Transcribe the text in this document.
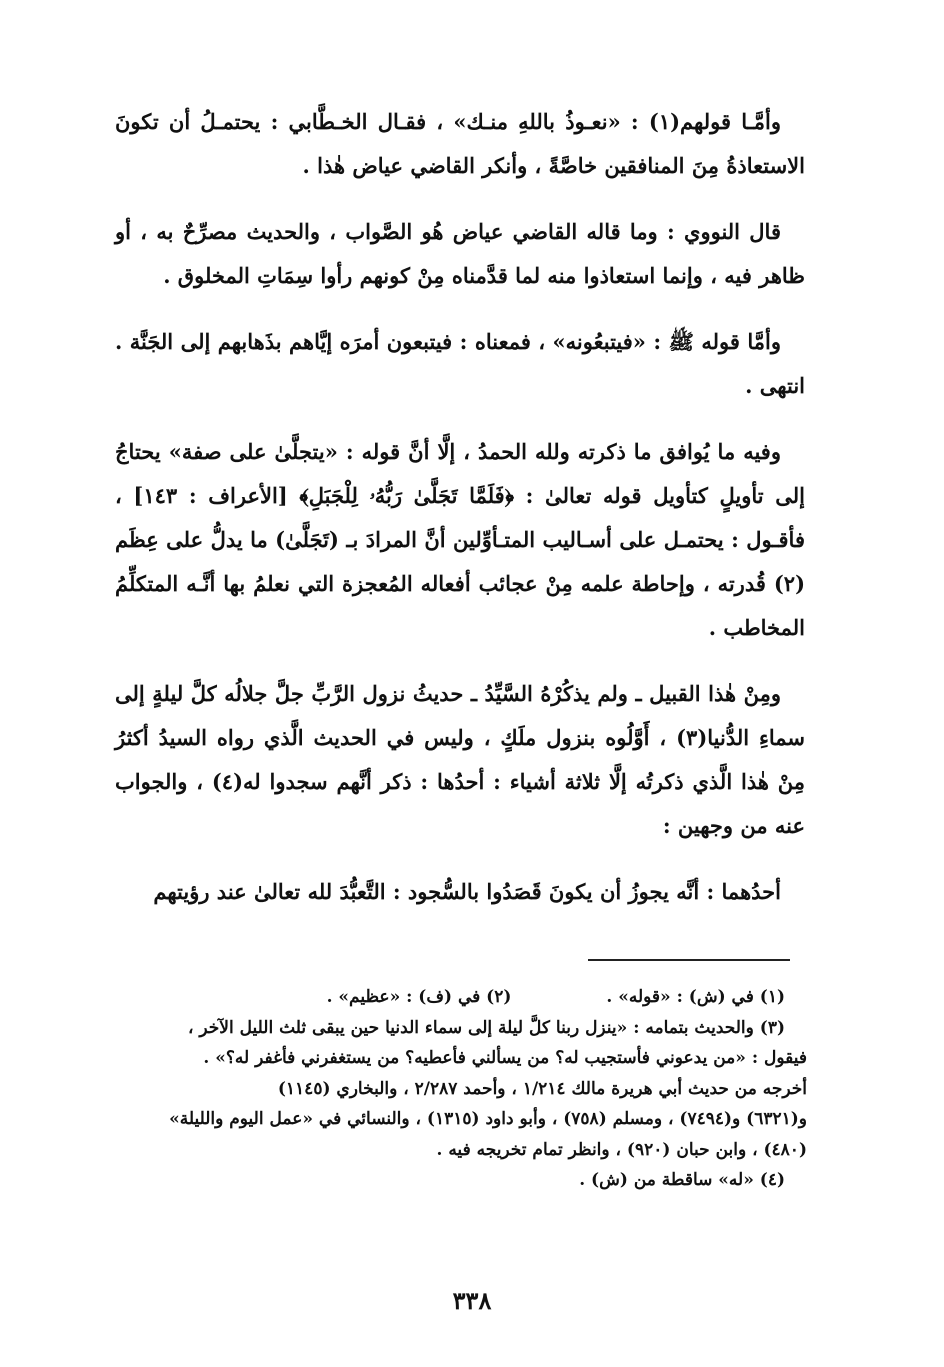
وأمَّـا قولهم(١) : «نعـوذُ باللهِ منـك» ، فقـال الخـطَّابي : يحتمـلُ أن تكونَ الاستعاذةُ مِنَ المنافقين خاصَّةً ، وأنكر القاضي عياض هٰذا .

قال النووي : وما قاله القاضي عياض هُو الصَّواب ، والحديث مصرِّحٌ به ، أو ظاهر فيه ، وإنما استعاذوا منه لما قدَّمناه مِنْ كونهم رأوا سِمَاتِ المخلوق .

وأمَّا قوله ﷺ : «فيتبعُونه» ، فمعناه : فيتبعون أمرَه إيَّاهم بذَهابهم إلى الجَنَّة . انتهى .

وفيه ما يُوافق ما ذكرته ولله الحمدُ ، إلَّا أنَّ قوله : «يتجلَّىٰ على صفة» يحتاجُ إلى تأويلٍ كتأويل قوله تعالىٰ : ﴿فَلَمَّا تَجَلَّىٰ رَبُّهُۥ لِلْجَبَلِ﴾ [الأعراف : ١٤٣] ، فأقـول : يحتمـل على أسـاليب المتـأوِّلين أنَّ المرادَ بـ (تَجَلَّىٰ) ما يدلُّ على عِظَم (٢) قُدرته ، وإحاطة علمه مِنْ عجائب أفعاله المُعجزة التي نعلمُ بها أنَّـه المتكلِّمُ المخاطب .

ومِنْ هٰذا القبيل ـ ولم يذكُرْهُ السَّيِّدُ ـ حديثُ نزول الرَّبِّ جلَّ جلالُه كلَّ ليلةٍ إلى سماءِ الدُّنيا(٣) ، أَوَّلُوه بنزول ملَكٍ ، وليس في الحديث الَّذي رواه السيدُ أكثرُ مِنْ هٰذا الَّذي ذكرتُه إلَّا ثلاثة أشياء : أحدُها : ذكر أنَّهم سجدوا له(٤) ، والجواب عنه من وجهين :

أحدُهما : أنَّه يجوزُ أن يكونَ قَصَدُوا بالسُّجود : التَّعبُّدَ لله تعالىٰ عند رؤيتهم

(١) في (ش) : «قوله» .
(٢) في (ف) : «عظيم» .
(٣) والحديث بتمامه : «ينزل ربنا كلَّ ليلة إلى سماء الدنيا حين يبقى ثلث الليل الآخر ،
فيقول : «من يدعوني فأستجيب له؟ من يسألني فأعطيه؟ من يستغفرني فأغفر له؟» .
أخرجه من حديث أبي هريرة مالك ١/٢١٤ ، وأحمد ٢/٢٨٧ ، والبخاري (١١٤٥)
و(٦٣٢١) و(٧٤٩٤) ، ومسلم (٧٥٨) ، وأبو داود (١٣١٥) ، والنسائي في «عمل اليوم والليلة»
(٤٨٠) ، وابن حبان (٩٢٠) ، وانظر تمام تخريجه فيه .
(٤) «له» ساقطة من (ش) .
٣٣٨
